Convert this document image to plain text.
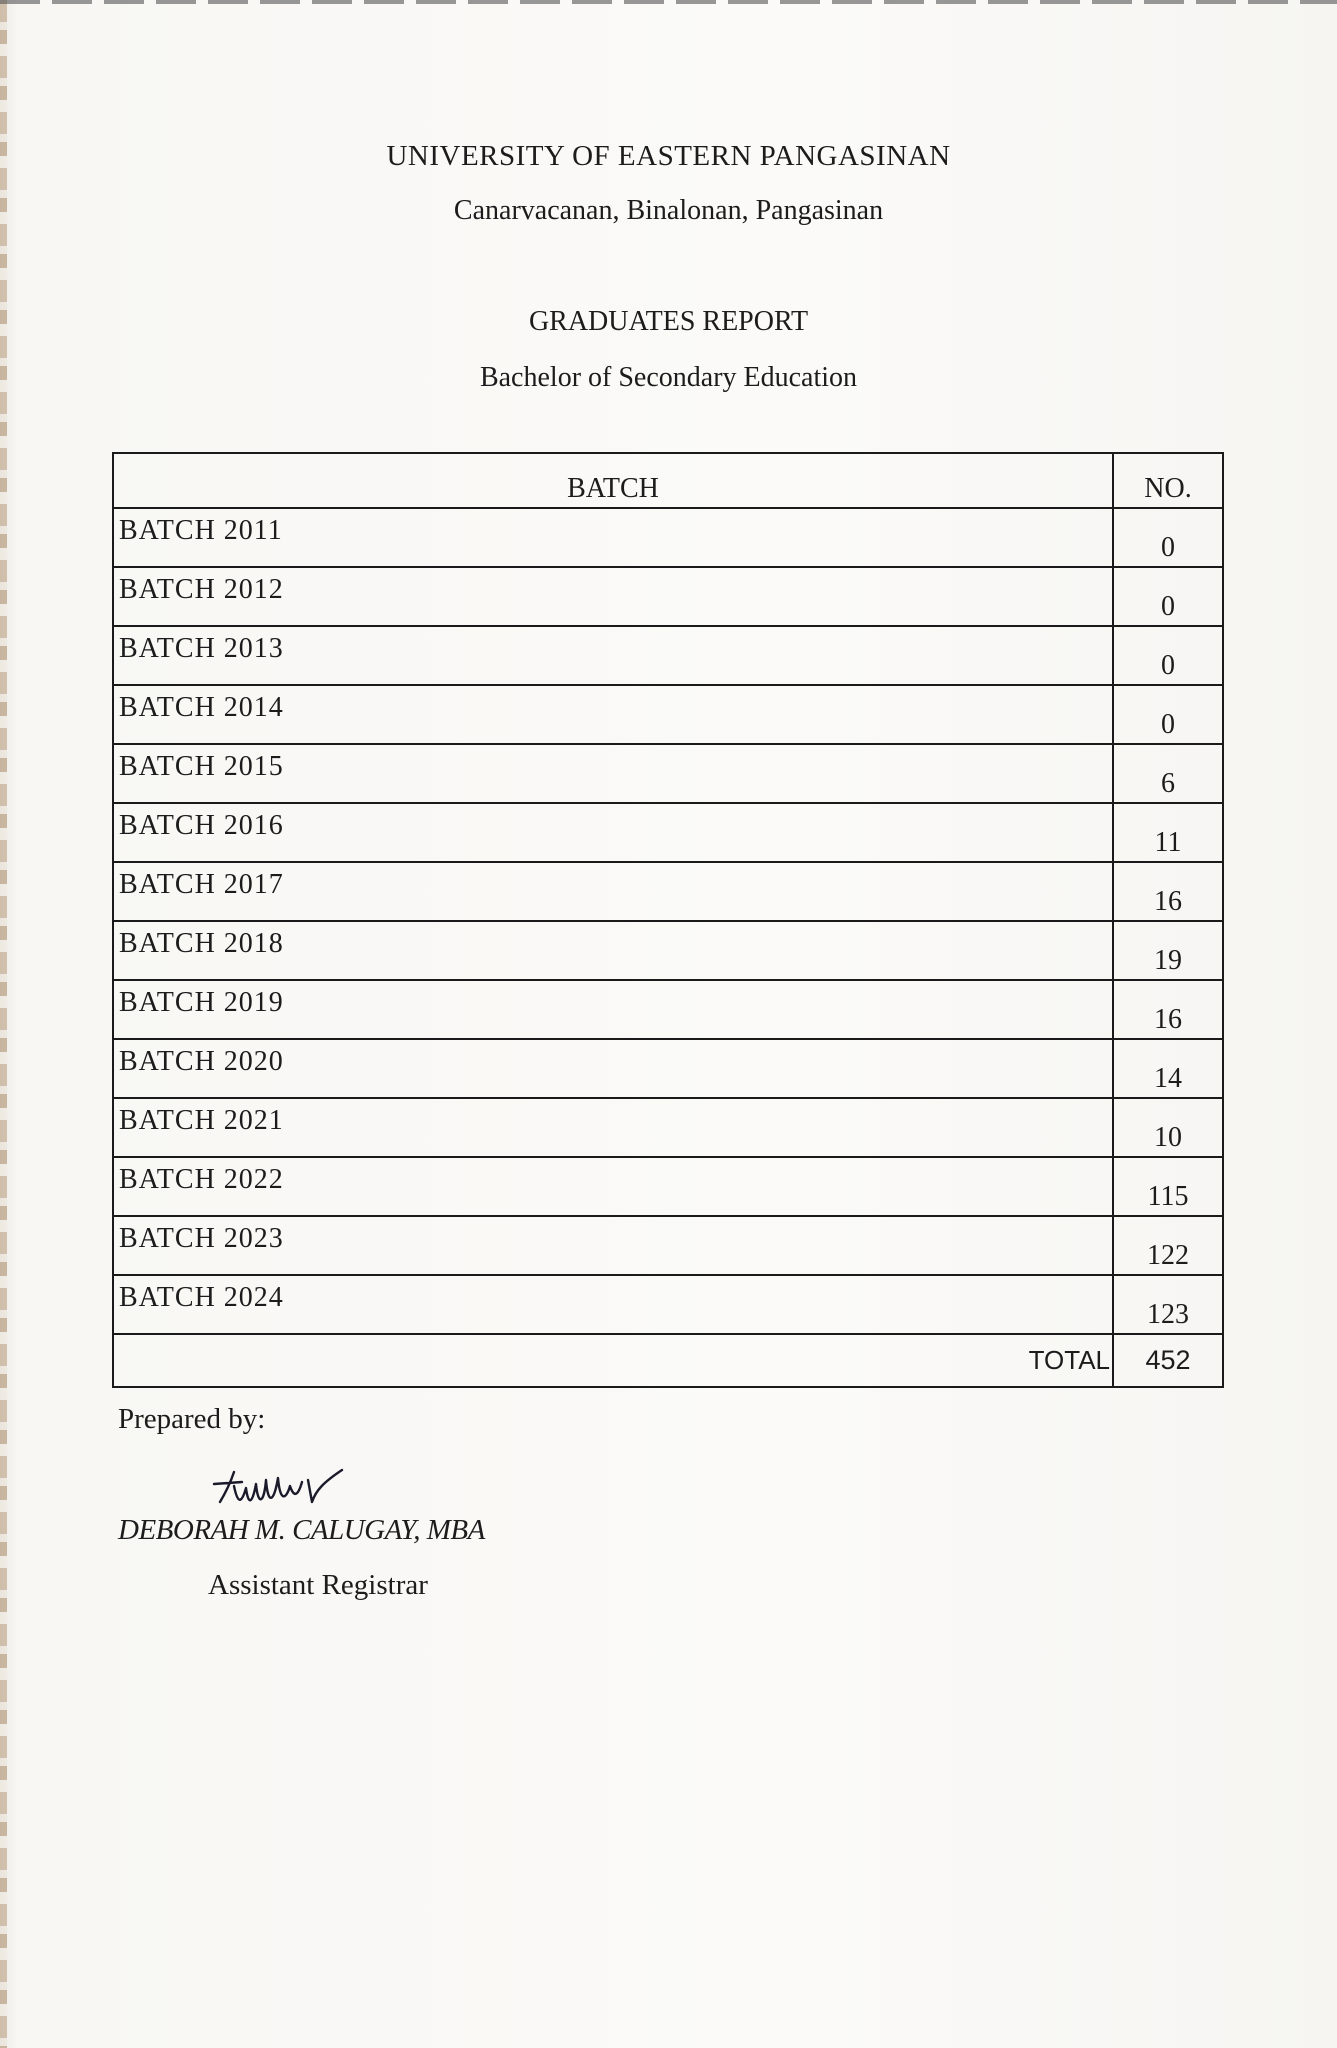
UNIVERSITY OF EASTERN PANGASINAN
Canarvacanan, Binalonan, Pangasinan
GRADUATES REPORT
Bachelor of Secondary Education
BATCH	NO.
BATCH 2011	0
BATCH 2012	0
BATCH 2013	0
BATCH 2014	0
BATCH 2015	6
BATCH 2016	11
BATCH 2017	16
BATCH 2018	19
BATCH 2019	16
BATCH 2020	14
BATCH 2021	10
BATCH 2022	115
BATCH 2023	122
BATCH 2024	123
TOTAL	452
Prepared by:
DEBORAH M. CALUGAY, MBA
Assistant Registrar
